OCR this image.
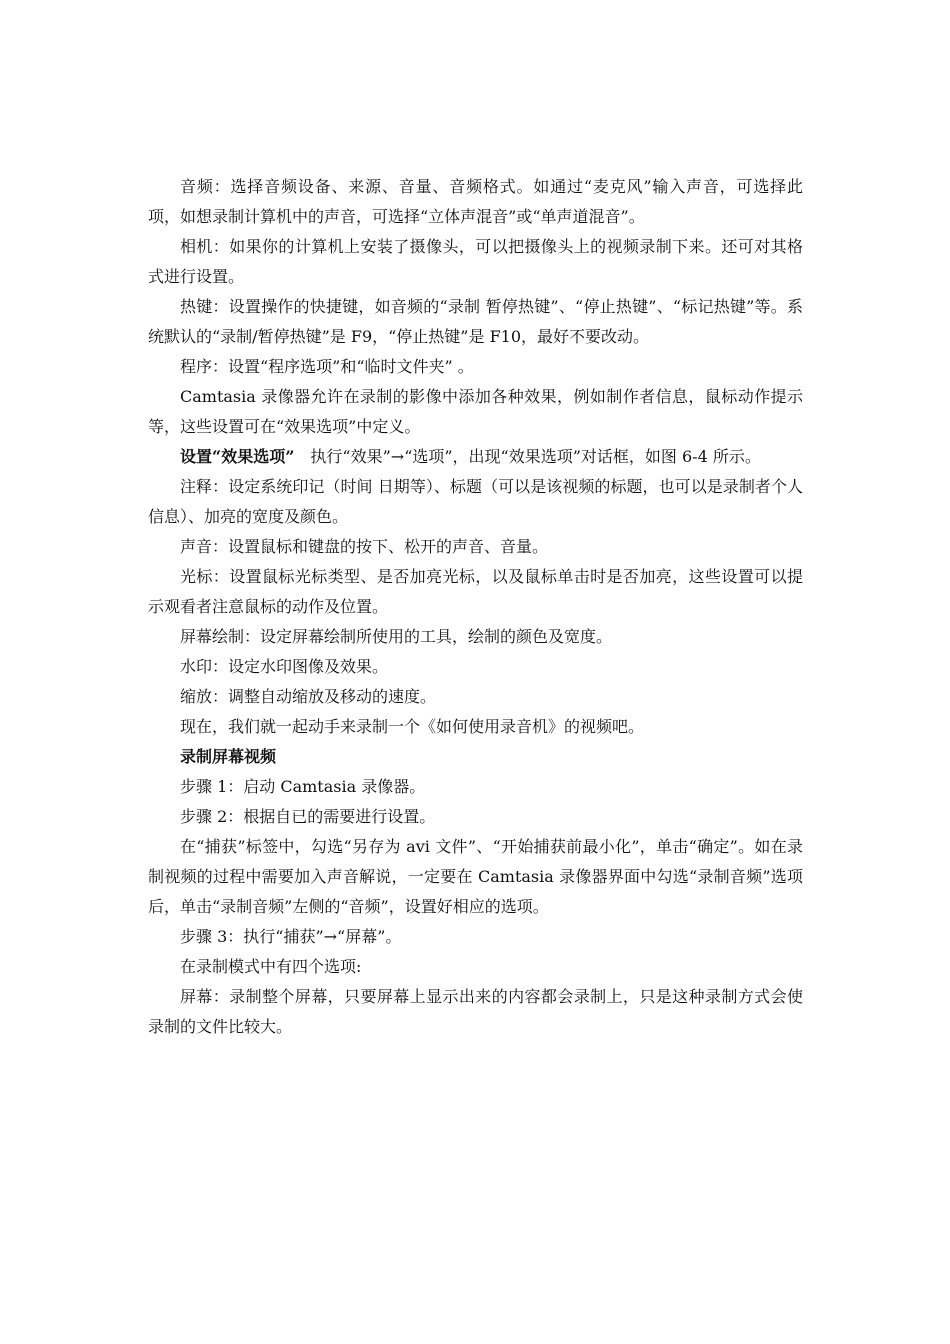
音频：选择音频设备、来源、音量、音频格式。如通过“麦克风”输入声音，可选择此项，如想录制计算机中的声音，可选择“立体声混音”或“单声道混音”。

相机：如果你的计算机上安装了摄像头，可以把摄像头上的视频录制下来。还可对其格式进行设置。

热键：设置操作的快捷键，如音频的“录制 暂停热键”、“停止热键”、“标记热键”等。系统默认的“录制/暂停热键”是 F9，“停止热键”是 F10，最好不要改动。

程序：设置“程序选项”和“临时文件夹” 。

Camtasia 录像器允许在录制的影像中添加各种效果，例如制作者信息，鼠标动作提示等，这些设置可在“效果选项”中定义。

设置“效果选项”　执行“效果”→“选项”，出现“效果选项”对话框，如图 6-4 所示。

注释：设定系统印记（时间 日期等）、标题（可以是该视频的标题，也可以是录制者个人信息）、加亮的宽度及颜色。

声音：设置鼠标和键盘的按下、松开的声音、音量。

光标：设置鼠标光标类型、是否加亮光标，以及鼠标单击时是否加亮，这些设置可以提示观看者注意鼠标的动作及位置。

屏幕绘制：设定屏幕绘制所使用的工具，绘制的颜色及宽度。

水印：设定水印图像及效果。

缩放：调整自动缩放及移动的速度。

现在，我们就一起动手来录制一个《如何使用录音机》的视频吧。

录制屏幕视频

步骤 1：启动 Camtasia 录像器。

步骤 2：根据自已的需要进行设置。

在“捕获”标签中，勾选“另存为 avi 文件”、“开始捕获前最小化”，单击“确定”。如在录制视频的过程中需要加入声音解说，一定要在 Camtasia 录像器界面中勾选“录制音频”选项后，单击“录制音频”左侧的“音频”，设置好相应的选项。

步骤 3：执行“捕获”→“屏幕”。

在录制模式中有四个选项:

屏幕：录制整个屏幕，只要屏幕上显示出来的内容都会录制上，只是这种录制方式会使录制的文件比较大。
